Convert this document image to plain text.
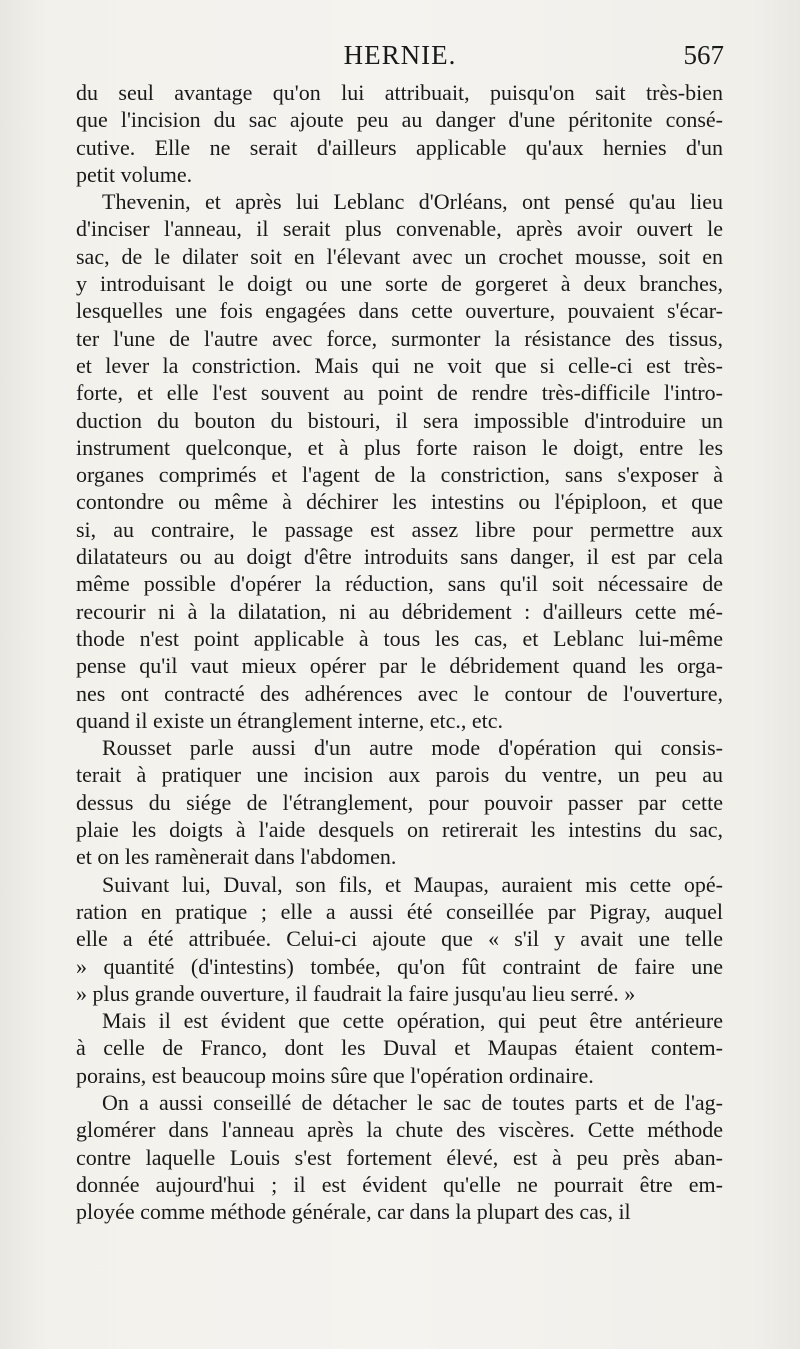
HERNIE.	567
du seul avantage qu'on lui attribuait, puisqu'on sait très-bien
que l'incision du sac ajoute peu au danger d'une péritonite consé-
cutive. Elle ne serait d'ailleurs applicable qu'aux hernies d'un
petit volume.
Thevenin, et après lui Leblanc d'Orléans, ont pensé qu'au lieu
d'inciser l'anneau, il serait plus convenable, après avoir ouvert le
sac, de le dilater soit en l'élevant avec un crochet mousse, soit en
y introduisant le doigt ou une sorte de gorgeret à deux branches,
lesquelles une fois engagées dans cette ouverture, pouvaient s'écar-
ter l'une de l'autre avec force, surmonter la résistance des tissus,
et lever la constriction. Mais qui ne voit que si celle-ci est très-
forte, et elle l'est souvent au point de rendre très-difficile l'intro-
duction du bouton du bistouri, il sera impossible d'introduire un
instrument quelconque, et à plus forte raison le doigt, entre les
organes comprimés et l'agent de la constriction, sans s'exposer à
contondre ou même à déchirer les intestins ou l'épiploon, et que
si, au contraire, le passage est assez libre pour permettre aux
dilatateurs ou au doigt d'être introduits sans danger, il est par cela
même possible d'opérer la réduction, sans qu'il soit nécessaire de
recourir ni à la dilatation, ni au débridement : d'ailleurs cette mé-
thode n'est point applicable à tous les cas, et Leblanc lui-même
pense qu'il vaut mieux opérer par le débridement quand les orga-
nes ont contracté des adhérences avec le contour de l'ouverture,
quand il existe un étranglement interne, etc., etc.
Rousset parle aussi d'un autre mode d'opération qui consis-
terait à pratiquer une incision aux parois du ventre, un peu au
dessus du siége de l'étranglement, pour pouvoir passer par cette
plaie les doigts à l'aide desquels on retirerait les intestins du sac,
et on les ramènerait dans l'abdomen.
Suivant lui, Duval, son fils, et Maupas, auraient mis cette opé-
ration en pratique ; elle a aussi été conseillée par Pigray, auquel
elle a été attribuée. Celui-ci ajoute que « s'il y avait une telle
» quantité (d'intestins) tombée, qu'on fût contraint de faire une
» plus grande ouverture, il faudrait la faire jusqu'au lieu serré. »
Mais il est évident que cette opération, qui peut être antérieure
à celle de Franco, dont les Duval et Maupas étaient contem-
porains, est beaucoup moins sûre que l'opération ordinaire.
On a aussi conseillé de détacher le sac de toutes parts et de l'ag-
glomérer dans l'anneau après la chute des viscères. Cette méthode
contre laquelle Louis s'est fortement élevé, est à peu près aban-
donnée aujourd'hui ; il est évident qu'elle ne pourrait être em-
ployée comme méthode générale, car dans la plupart des cas, il
